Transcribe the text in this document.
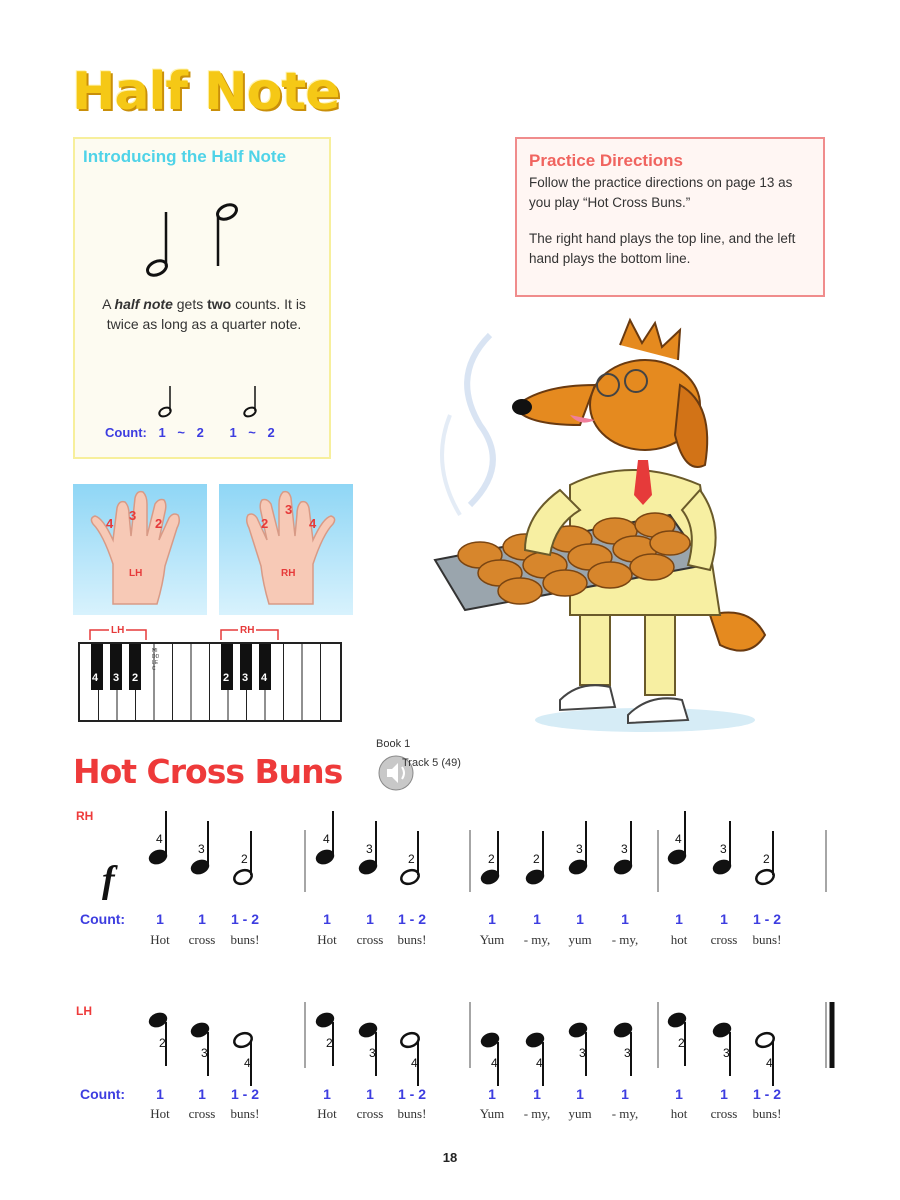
Half Note
Introducing the Half Note
A half note gets two counts. It is twice as long as a quarter note.
Count: 1 ~ 2 1 ~ 2
Practice Directions
Follow the practice directions on page 13 as you play “Hot Cross Buns.”
The right hand plays the top line, and the left hand plays the bottom line.
4
3
2
LH
2
3
4
RH
LH	RH
4 3 2	2 3 4
MIDDLE C
Hot Cross Buns
Book 1
Track 5 (49)
RH
f
4
3
2
4
3
2	2	2
3	3
4
3
2
Count:	1	1	1 - 2	1	1	1 - 2	1	1	1	1	1	1	1 - 2
Hot	cross	buns!	Hot	cross	buns!	Yum	- my,	yum	- my,	hot	cross	buns!
LH
2
3
4
2
3
4	4	4
3	3
2
3
4
Count:	1	1	1 - 2	1	1	1 - 2	1	1	1	1	1	1	1 - 2
Hot	cross	buns!	Hot	cross	buns!	Yum	- my,	yum	- my,	hot	cross	buns!
18
